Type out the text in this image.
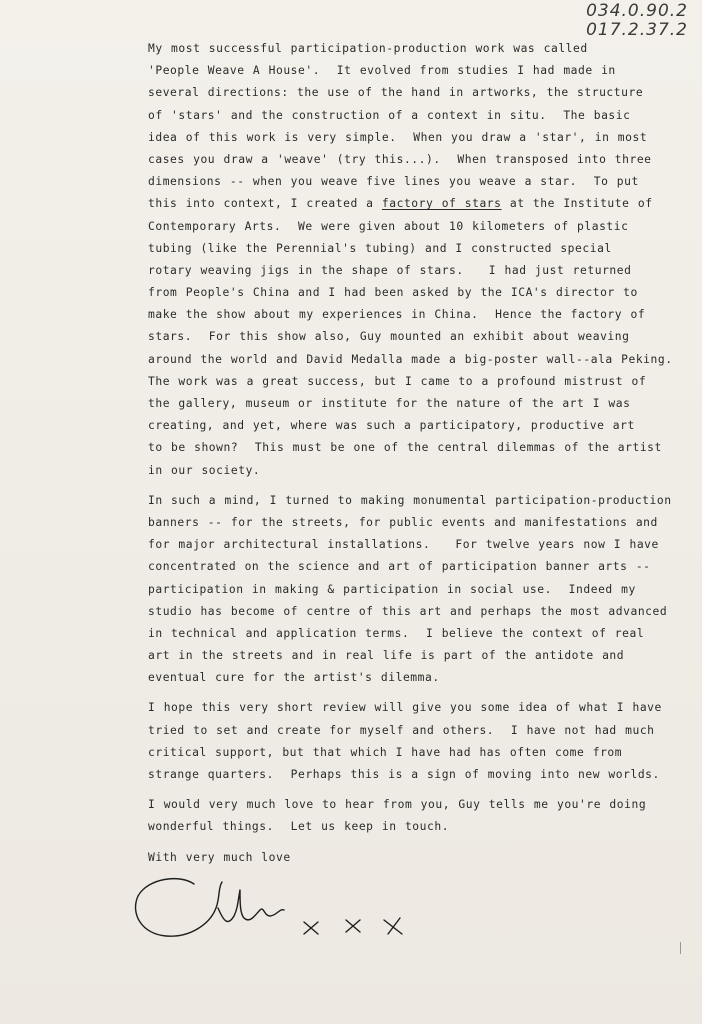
034.0.90.2
017.2.37.2
My most successful participation-production work was called
'People Weave A House'.  It evolved from studies I had made in
several directions: the use of the hand in artworks, the structure
of 'stars' and the construction of a context in situ.  The basic
idea of this work is very simple.  When you draw a 'star', in most
cases you draw a 'weave' (try this...).  When transposed into three
dimensions -- when you weave five lines you weave a star.  To put
this into context, I created a factory of stars at the Institute of
Contemporary Arts.  We were given about 10 kilometers of plastic
tubing (like the Perennial's tubing) and I constructed special
rotary weaving jigs in the shape of stars.   I had just returned
from People's China and I had been asked by the ICA's director to
make the show about my experiences in China.  Hence the factory of
stars.  For this show also, Guy mounted an exhibit about weaving
around the world and David Medalla made a big-poster wall--ala Peking.
The work was a great success, but I came to a profound mistrust of
the gallery, museum or institute for the nature of the art I was
creating, and yet, where was such a participatory, productive art
to be shown?  This must be one of the central dilemmas of the artist
in our society.
In such a mind, I turned to making monumental participation-production
banners -- for the streets, for public events and manifestations and
for major architectural installations.   For twelve years now I have
concentrated on the science and art of participation banner arts --
participation in making & participation in social use.  Indeed my
studio has become of centre of this art and perhaps the most advanced
in technical and application terms.  I believe the context of real
art in the streets and in real life is part of the antidote and
eventual cure for the artist's dilemma.
I hope this very short review will give you some idea of what I have
tried to set and create for myself and others.  I have not had much
critical support, but that which I have had has often come from
strange quarters.  Perhaps this is a sign of moving into new worlds.
I would very much love to hear from you, Guy tells me you're doing
wonderful things.  Let us keep in touch.
With very much love
